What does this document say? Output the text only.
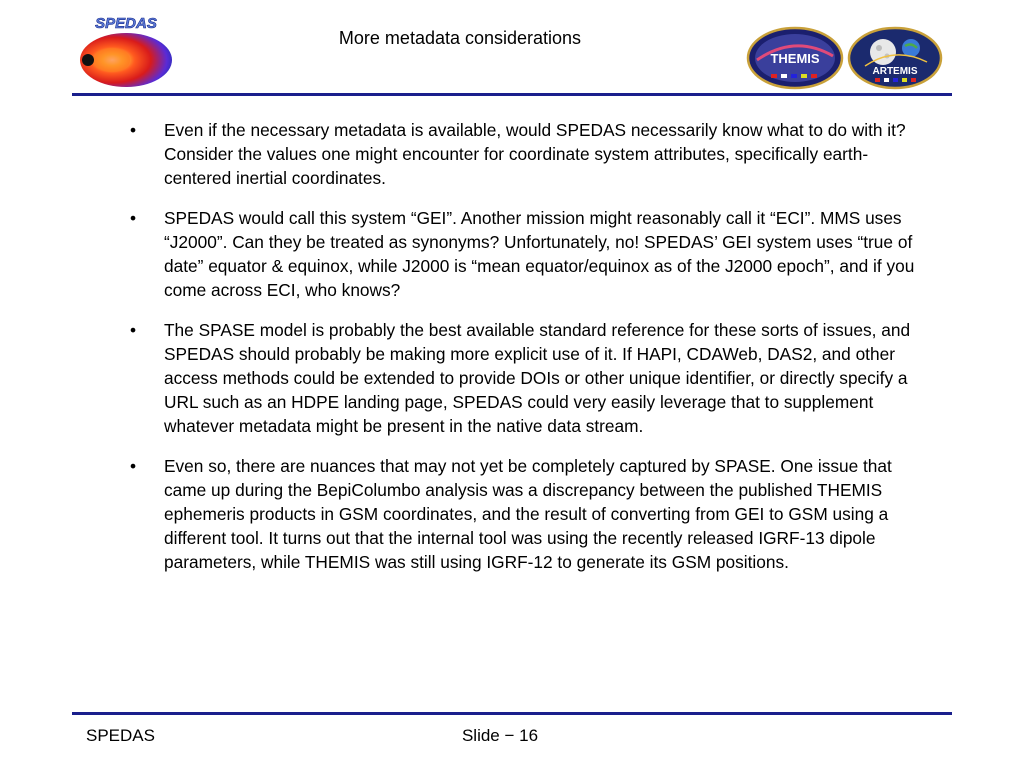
SPEDAS
More metadata considerations
THEMIS
ARTEMIS
• Even if the necessary metadata is available, would SPEDAS necessarily know what to do with it? Consider the values one might encounter for coordinate system attributes, specifically earth-centered inertial coordinates.
• SPEDAS would call this system “GEI”. Another mission might reasonably call it “ECI”. MMS uses “J2000”. Can they be treated as synonyms? Unfortunately, no! SPEDAS’ GEI system uses “true of date” equator & equinox, while J2000 is “mean equator/equinox as of the J2000 epoch”, and if you come across ECI, who knows?
• The SPASE model is probably the best available standard reference for these sorts of issues, and SPEDAS should probably be making more explicit use of it. If HAPI, CDAWeb, DAS2, and other access methods could be extended to provide DOIs or other unique identifier, or directly specify a URL such as an HDPE landing page, SPEDAS could very easily leverage that to supplement whatever metadata might be present in the native data stream.
• Even so, there are nuances that may not yet be completely captured by SPASE. One issue that came up during the BepiColumbo analysis was a discrepancy between the published THEMIS ephemeris products in GSM coordinates, and the result of converting from GEI to GSM using a different tool. It turns out that the internal tool was using the recently released IGRF-13 dipole parameters, while THEMIS was still using IGRF-12 to generate its GSM positions.
SPEDAS	Slide − 16
